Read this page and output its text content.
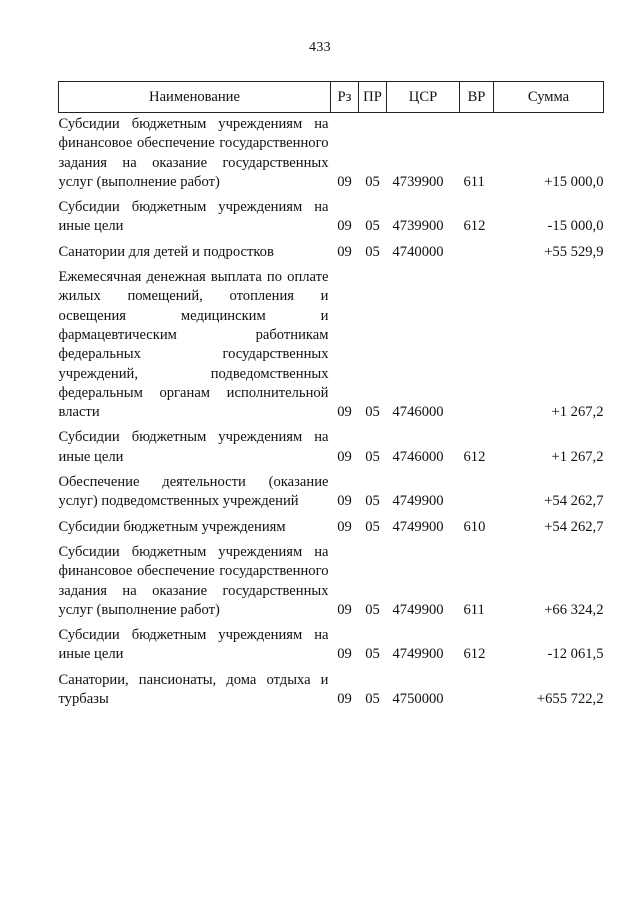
433
Наименование	Рз	ПР	ЦСР	ВР	Сумма
Субсидии бюджетным учреждениям на финансовое обеспечение государственного задания на оказание государственных услуг (выполнение работ)	09	05	4739900	611	+15 000,0
Субсидии бюджетным учреждениям на иные цели	09	05	4739900	612	-15 000,0
Санатории для детей и подростков	09	05	4740000		+55 529,9
Ежемесячная денежная выплата по оплате жилых помещений, отопления и освещения медицинским и фармацевтическим работникам федеральных государственных учреждений, подведомственных федеральным органам исполнительной власти	09	05	4746000		+1 267,2
Субсидии бюджетным учреждениям на иные цели	09	05	4746000	612	+1 267,2
Обеспечение деятельности (оказание услуг) подведомственных учреждений	09	05	4749900		+54 262,7
Субсидии бюджетным учреждениям	09	05	4749900	610	+54 262,7
Субсидии бюджетным учреждениям на финансовое обеспечение государственного задания на оказание государственных услуг (выполнение работ)	09	05	4749900	611	+66 324,2
Субсидии бюджетным учреждениям на иные цели	09	05	4749900	612	-12 061,5
Санатории, пансионаты, дома отдыха и турбазы	09	05	4750000		+655 722,2
